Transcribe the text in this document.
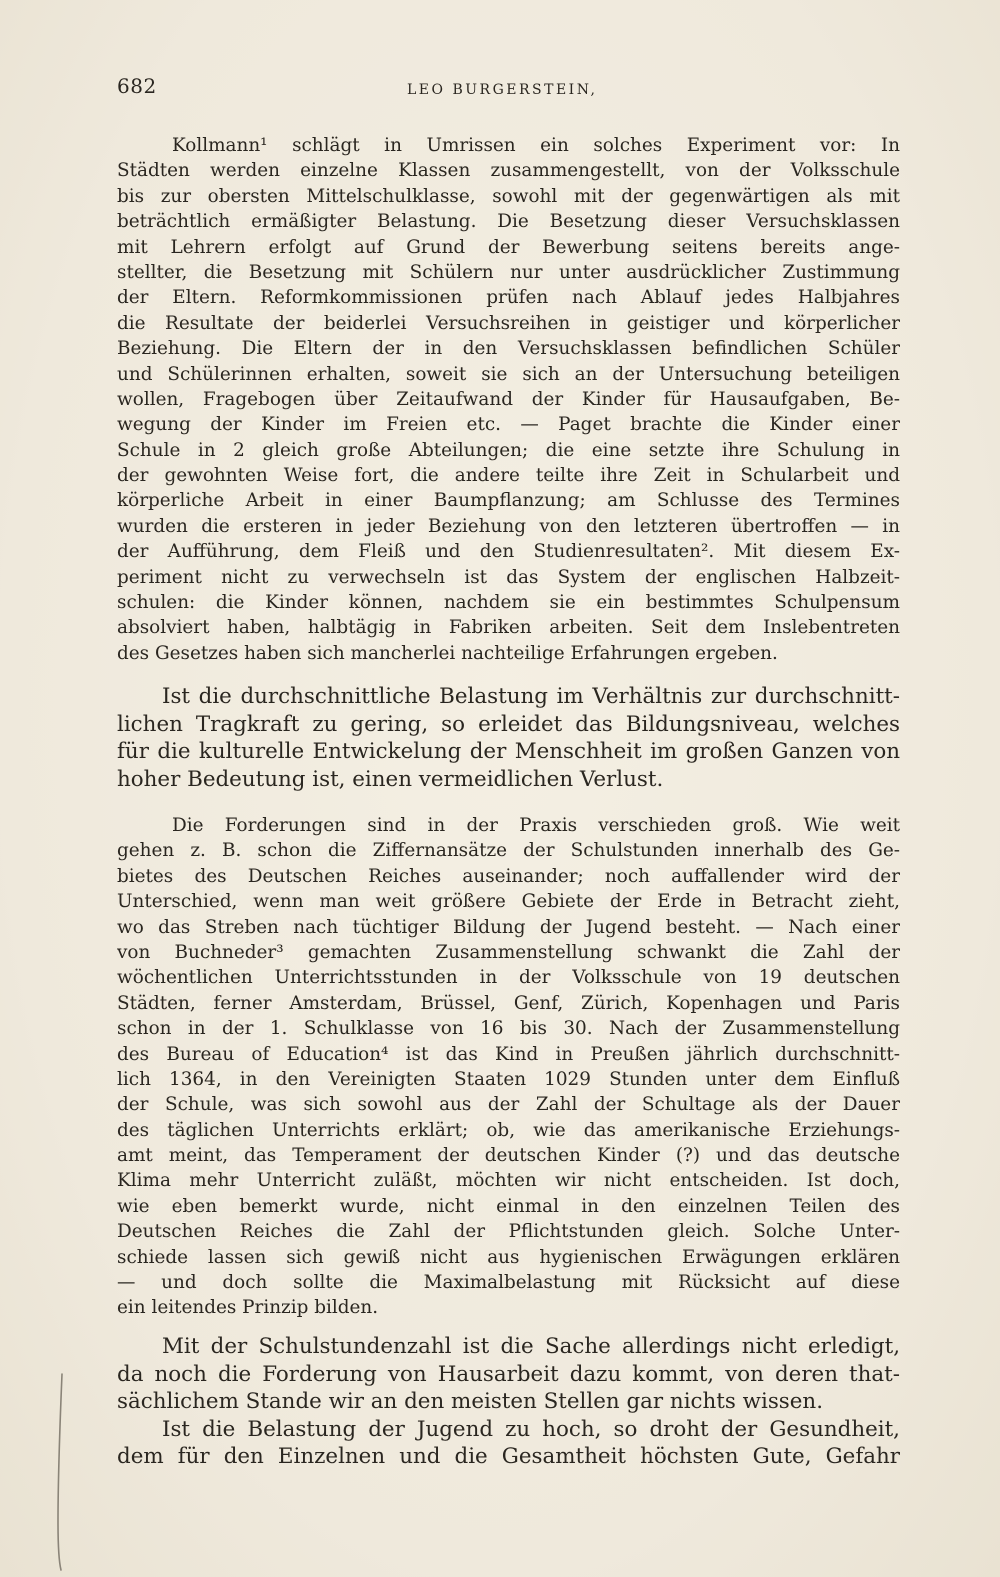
682	LEO BURGERSTEIN,
Kollmann¹ schlägt in Umrissen ein solches Experiment vor: In
Städten werden einzelne Klassen zusammengestellt, von der Volksschule
bis zur obersten Mittelschulklasse, sowohl mit der gegenwärtigen als mit
beträchtlich ermäßigter Belastung. Die Besetzung dieser Versuchsklassen
mit Lehrern erfolgt auf Grund der Bewerbung seitens bereits ange-
stellter, die Besetzung mit Schülern nur unter ausdrücklicher Zustimmung
der Eltern. Reformkommissionen prüfen nach Ablauf jedes Halbjahres
die Resultate der beiderlei Versuchsreihen in geistiger und körperlicher
Beziehung. Die Eltern der in den Versuchsklassen befindlichen Schüler
und Schülerinnen erhalten, soweit sie sich an der Untersuchung beteiligen
wollen, Fragebogen über Zeitaufwand der Kinder für Hausaufgaben, Be-
wegung der Kinder im Freien etc. — Paget brachte die Kinder einer
Schule in 2 gleich große Abteilungen; die eine setzte ihre Schulung in
der gewohnten Weise fort, die andere teilte ihre Zeit in Schularbeit und
körperliche Arbeit in einer Baumpflanzung; am Schlusse des Termines
wurden die ersteren in jeder Beziehung von den letzteren übertroffen — in
der Aufführung, dem Fleiß und den Studienresultaten². Mit diesem Ex-
periment nicht zu verwechseln ist das System der englischen Halbzeit-
schulen: die Kinder können, nachdem sie ein bestimmtes Schulpensum
absolviert haben, halbtägig in Fabriken arbeiten. Seit dem Inslebentreten
des Gesetzes haben sich mancherlei nachteilige Erfahrungen ergeben.
Ist die durchschnittliche Belastung im Verhältnis zur durchschnitt-
lichen Tragkraft zu gering, so erleidet das Bildungsniveau, welches
für die kulturelle Entwickelung der Menschheit im großen Ganzen von
hoher Bedeutung ist, einen vermeidlichen Verlust.
Die Forderungen sind in der Praxis verschieden groß. Wie weit
gehen z. B. schon die Ziffernansätze der Schulstunden innerhalb des Ge-
bietes des Deutschen Reiches auseinander; noch auffallender wird der
Unterschied, wenn man weit größere Gebiete der Erde in Betracht zieht,
wo das Streben nach tüchtiger Bildung der Jugend besteht. — Nach einer
von Buchneder³ gemachten Zusammenstellung schwankt die Zahl der
wöchentlichen Unterrichtsstunden in der Volksschule von 19 deutschen
Städten, ferner Amsterdam, Brüssel, Genf, Zürich, Kopenhagen und Paris
schon in der 1. Schulklasse von 16 bis 30. Nach der Zusammenstellung
des Bureau of Education⁴ ist das Kind in Preußen jährlich durchschnitt-
lich 1364, in den Vereinigten Staaten 1029 Stunden unter dem Einfluß
der Schule, was sich sowohl aus der Zahl der Schultage als der Dauer
des täglichen Unterrichts erklärt; ob, wie das amerikanische Erziehungs-
amt meint, das Temperament der deutschen Kinder (?) und das deutsche
Klima mehr Unterricht zuläßt, möchten wir nicht entscheiden. Ist doch,
wie eben bemerkt wurde, nicht einmal in den einzelnen Teilen des
Deutschen Reiches die Zahl der Pflichtstunden gleich. Solche Unter-
schiede lassen sich gewiß nicht aus hygienischen Erwägungen erklären
— und doch sollte die Maximalbelastung mit Rücksicht auf diese
ein leitendes Prinzip bilden.
Mit der Schulstundenzahl ist die Sache allerdings nicht erledigt,
da noch die Forderung von Hausarbeit dazu kommt, von deren that-
sächlichem Stande wir an den meisten Stellen gar nichts wissen.
Ist die Belastung der Jugend zu hoch, so droht der Gesundheit,
dem für den Einzelnen und die Gesamtheit höchsten Gute, Gefahr
